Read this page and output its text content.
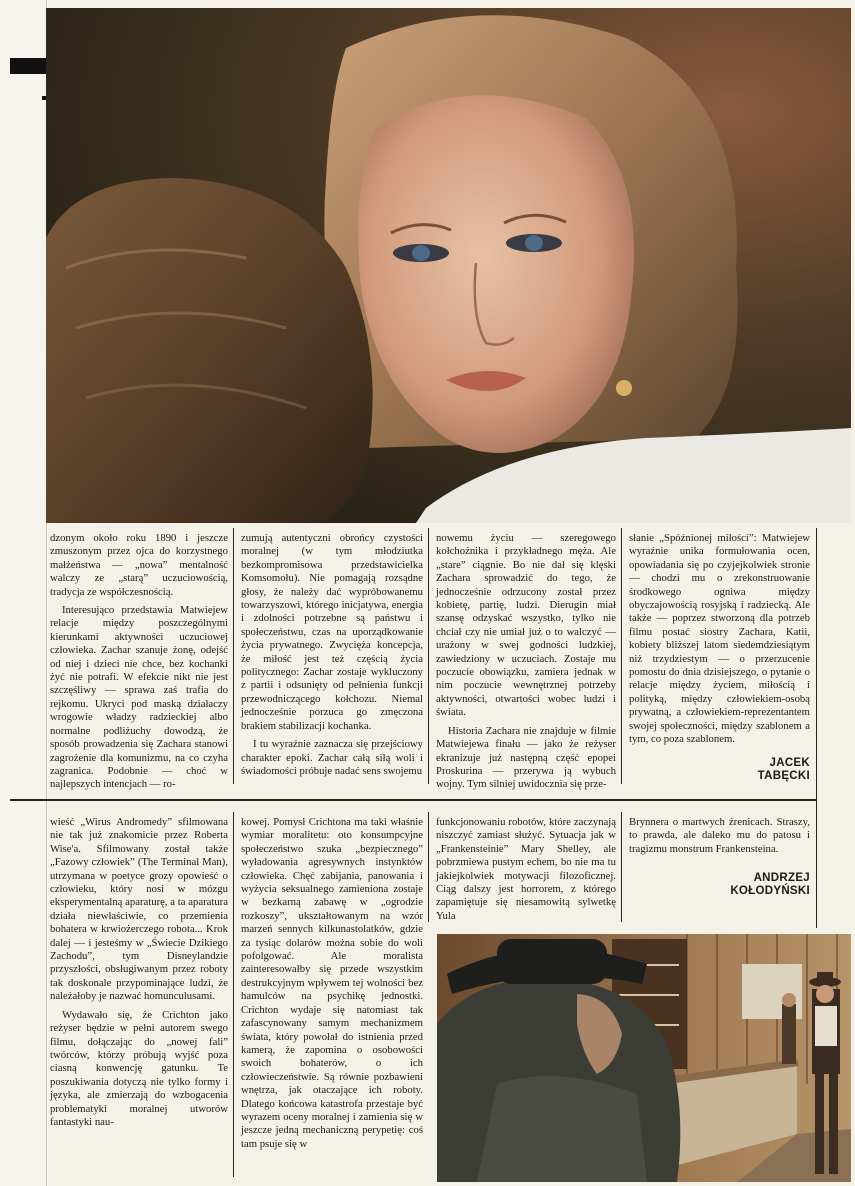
dzonym około roku 1890 i jeszcze zmuszonym przez ojca do korzystnego małżeństwa — „nowa” mentalność walczy ze „starą” uczuciowością, tradycja ze współczesnością.

Interesująco przedstawia Matwiejew relacje między poszczególnymi kierunkami aktywności uczuciowej człowieka. Zachar szanuje żonę, odejść od niej i dzieci nie chce, bez kochanki żyć nie potrafi. W efekcie nikt nie jest szczęśliwy — sprawa zaś trafia do rejkomu. Ukryci pod maską działaczy wrogowie władzy radzieckiej albo normalne podliżuchy dowodzą, że sposób prowadzenia się Zachara stanowi zagrożenie dla komunizmu, na co czyha zagranica. Podobnie — choć w najlepszych intencjach — ro-

zumują autentyczni obrońcy czystości moralnej (w tym młodziutka bezkompromisowa przedstawicielka Komsomołu). Nie pomagają rozsądne głosy, że należy dać wypróbowanemu towarzyszowi, którego inicjatywa, energia i zdolności potrzebne są państwu i społeczeństwu, czas na uporządkowanie życia prywatnego. Zwycięża koncepcja, że miłość jest też częścią życia politycznego: Zachar zostaje wykluczony z partii i odsunięty od pełnienia funkcji przewodniczącego kołchozu. Niemal jednocześnie porzuca go zmęczona brakiem stabilizacji kochanka.

I tu wyraźnie zaznacza się przejściowy charakter epoki. Zachar całą siłą woli i świadomości próbuje nadać sens swojemu

nowemu życiu — szeregowego kołchoźnika i przykładnego męża. Ale „stare” ciągnie. Bo nie dał się klęski Zachara sprowadzić do tego, że jednocześnie odrzucony został przez kobietę, partię, ludzi. Dierugin miał szansę odzyskać wszystko, tylko nie chciał czy nie umiał już o to walczyć — urażony w swej godności ludzkiej, zawiedziony w uczuciach. Zostaje mu poczucie obowiązku, zamiera jednak w nim poczucie wewnętrznej potrzeby aktywności, otwartości wobec ludzi i świata.

Historia Zachara nie znajduje w filmie Matwiejewa finału — jako że reżyser ekranizuje już następną część epopei Proskurina — przerywa ją wybuch wojny. Tym silniej uwidocznia się prze-

słanie „Spóźnionej miłości”: Matwiejew wyraźnie unika formułowania ocen, opowiadania się po czyjejkolwiek stronie — chodzi mu o zrekonstruowanie środkowego ogniwa między obyczajowością rosyjską i radziecką. Ale także — poprzez stworzoną dla potrzeb filmu postać siostry Zachara, Katii, kobiety bliższej latom siedemdziesiątym niż trzydziestym — o przerzucenie pomostu do dnia dzisiejszego, o pytanie o relacje między życiem, miłością i polityką, między człowiekiem-osobą prywatną, a człowiekiem-reprezentantem swojej społeczności, między szablonem a tym, co poza szablonem.

JACEK
TABĘCKI

wieść „Wirus Andromedy” sfilmowana nie tak już znakomicie przez Roberta Wise'a. Sfilmowany został także „Fazowy człowiek” (The Terminal Man), utrzymana w poetyce grozy opowieść o człowieku, który nosi w mózgu eksperymentalną aparaturę, a ta aparatura działa niewłaściwie, co przemienia bohatera w krwiożerczego robota... Krok dalej — i jesteśmy w „Świecie Dzikiego Zachodu”, tym Disneylandzie przyszłości, obsługiwanym przez roboty tak doskonale przypominające ludzi, że należałoby je nazwać homunculusami.

Wydawało się, że Crichton jako reżyser będzie w pełni autorem swego filmu, dołączając do „nowej fali” twórców, którzy próbują wyjść poza ciasną konwencję gatunku. Te poszukiwania dotyczą nie tylko formy i języka, ale zmierzają do wzbogacenia problematyki moralnej utworów fantastyki nau-

kowej. Pomysł Crichtona ma taki właśnie wymiar moralitetu: oto konsumpcyjne społeczeństwo szuka „bezpiecznego” wyładowania agresywnych instynktów człowieka. Chęć zabijania, panowania i wyżycia seksualnego zamieniona zostaje w bezkarną zabawę w „ogrodzie rozkoszy”, ukształtowanym na wzór marzeń sennych kilkunastolatków, gdzie za tysiąc dolarów można sobie do woli pofolgować. Ale moralista zainteresowałby się przede wszystkim destrukcyjnym wpływem tej wolności bez hamulców na psychikę jednostki. Crichton wydaje się natomiast tak zafascynowany samym mechanizmem świata, który powołał do istnienia przed kamerą, że zapomina o osobowości swoich bohaterów, o ich człowieczeństwie. Są równie pozbawieni wnętrza, jak otaczające ich roboty. Dlatego końcowa katastrofa przestaje być wyrazem oceny moralnej i zamienia się w jeszcze jedną mechaniczną perypetię: coś tam psuje się w

funkcjonowaniu robotów, które zaczynają niszczyć zamiast służyć. Sytuacja jak w „Frankensteinie” Mary Shelley, ale pobrzmiewa pustym echem, bo nie ma tu jakiejkolwiek motywacji filozoficznej. Ciąg dalszy jest horrorem, z którego zapamiętuje się niesamowitą sylwetkę Yula

Brynnera o martwych źrenicach. Straszy, to prawda, ale daleko mu do patosu i tragizmu monstrum Frankensteina.

ANDRZEJ
KOŁODYŃSKI
